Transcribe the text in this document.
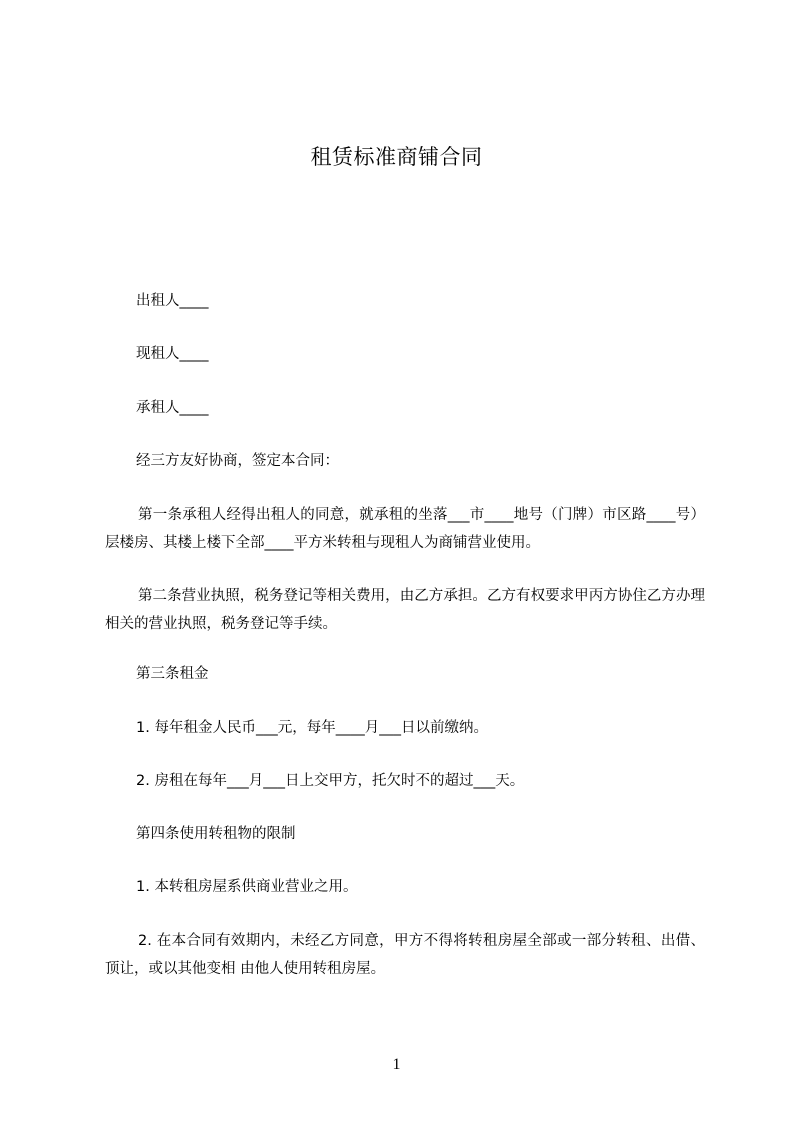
租赁标准商铺合同
出租人____
现租人____
承租人____
经三方友好协商，签定本合同：
第一条承租人经得出租人的同意，就承租的坐落___市____地号（门牌）市区路____号）层楼房、其楼上楼下全部____平方米转租与现租人为商铺营业使用。
第二条营业执照，税务登记等相关费用，由乙方承担。乙方有权要求甲丙方协住乙方办理相关的营业执照，税务登记等手续。
第三条租金
1. 每年租金人民币___元，每年____月___日以前缴纳。
2. 房租在每年___月___日上交甲方，托欠时不的超过___天。
第四条使用转租物的限制
1. 本转租房屋系供商业营业之用。
2. 在本合同有效期内，未经乙方同意，甲方不得将转租房屋全部或一部分转租、出借、顶让，或以其他变相 由他人使用转租房屋。
1
